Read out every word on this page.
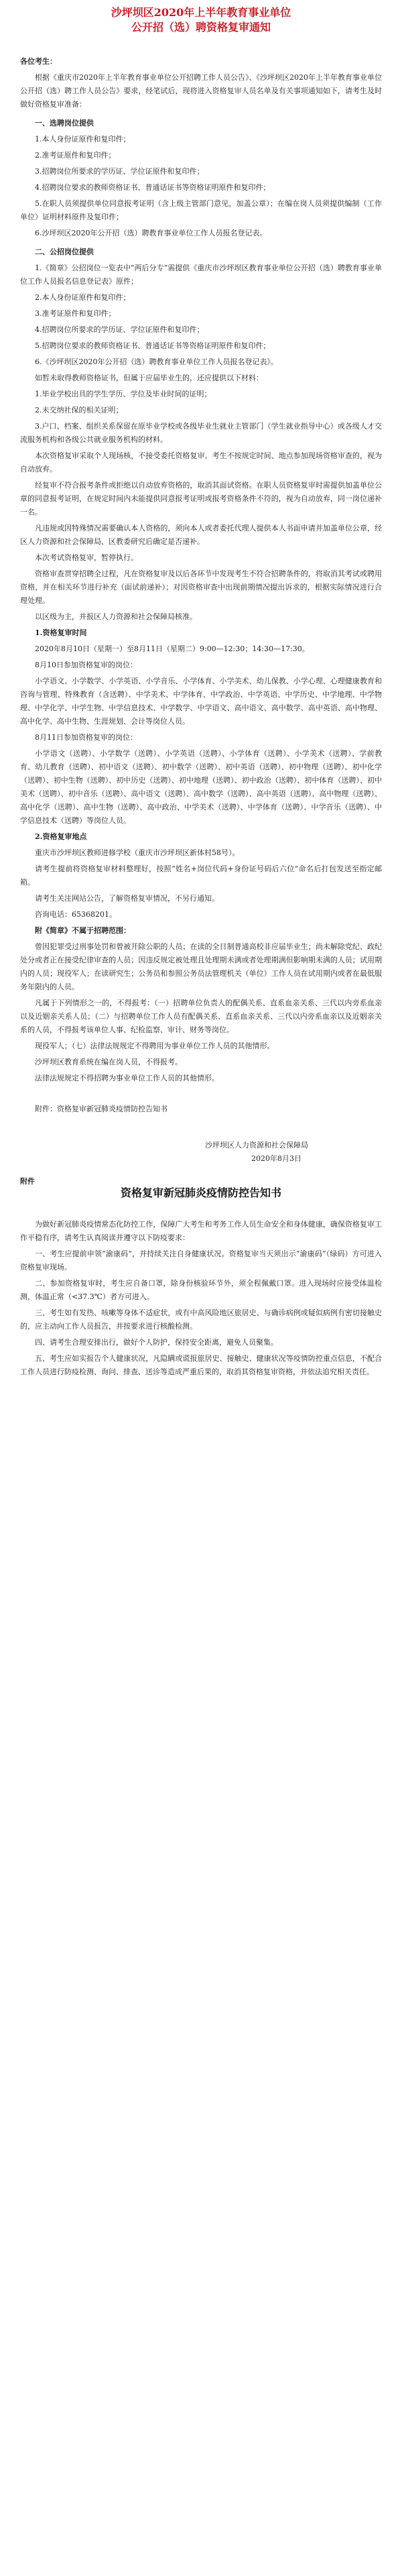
沙坪坝区2020年上半年教育事业单位
公开招（选）聘资格复审通知
各位考生：

根据《重庆市2020年上半年教育事业单位公开招聘工作人员公告》、《沙坪坝区2020年上半年教育事业单位公开招（选）聘工作人员公告》要求，经笔试后，现将进入资格复审人员名单及有关事项通知如下，请考生及时做好资格复审准备：

一、选聘岗位提供

1.本人身份证原件和复印件；

2.准考证原件和复印件；

3.招聘岗位所要求的学历证、学位证原件和复印件；

4.招聘岗位要求的教师资格证书、普通话证书等资格证明原件和复印件；

5.在职人员须提供单位同意报考证明（含上级主管部门意见，加盖公章）；在编在岗人员须提供编制（工作单位）证明材料原件及复印件；

6.沙坪坝区2020年公开招（选）聘教育事业单位工作人员报名登记表。

二、公招岗位提供

1.《简章》公招岗位一览表中“两后分专”需提供《重庆市沙坪坝区教育事业单位公开招（选）聘教育事业单位工作人员报名信息登记表》原件；

2.本人身份证原件和复印件；

3.准考证原件和复印件；

4.招聘岗位所要求的学历证、学位证原件和复印件；

5.招聘岗位要求的教师资格证书、普通话证书等资格证明原件和复印件；

6.《沙坪坝区2020年公开招（选）聘教育事业单位工作人员报名登记表》。

如暂未取得教师资格证书，但属于应届毕业生的，还应提供以下材料：

1.毕业学校出具的学生学历、学位及毕业时间的证明；

2.未交纳社保的相关证明；

3.户口、档案、组织关系保留在原毕业学校或各级毕业生就业主管部门（学生就业指导中心）或各级人才交流服务机构和各级公共就业服务机构的材料。

本次资格复审采取个人现场核，不接受委托资格复审。考生不按规定时间、地点参加现场资格审查的，视为自动放弃。

经复审不符合报考条件或拒绝以自动放弃资格的，取消其面试资格。在职人员资格复审时需提供加盖单位公章的同意报考证明，在规定时间内未能提供同意报考证明或报考资格条件不符的，视为自动放弃，同一岗位递补一名。

凡违规或因特殊情况需要确认本人资格的，须向本人或者委托代理人提供本人书面申请并加盖单位公章，经区人力资源和社会保障局、区教委研究后确定是否递补。

本次考试资格复审，暂停执行。

资格审查贯穿招聘全过程，凡在资格复审及以后各环节中发现考生不符合招聘条件的，将取消其考试或聘用资格，并在相关环节进行补充（面试前递补）；对因资格审查中出现前期情况提出诉求的，根据实际情况进行合理处理。

以区级为主，并报区人力资源和社会保障局核准。

1.资格复审时间

2020年8月10日（星期一）至8月11日（星期二）9:00—12:30；14:30—17:30。

8月10日参加资格复审的岗位：

小学语文、小学数学、小学英语、小学音乐、小学体育、小学美术、幼儿保教、小学心理、心理健康教育和咨询与管理、特殊教育（含送聘）、中学美术、中学体育、中学政治、中学英语、中学历史、中学地理、中学物理、中学化学、中学生物、中学信息技术、中学数学、中学语文、高中语文、高中数学、高中英语、高中物理、高中化学、高中生物、生涯规划、会计等岗位人员。

8月11日参加资格复审的岗位：

小学语文（送聘）、小学数学（送聘）、小学英语（送聘）、小学体育（送聘）、小学美术（送聘）、学前教育、幼儿教育（送聘）、初中语文（送聘）、初中数学（送聘）、初中英语（送聘）、初中物理（送聘）、初中化学（送聘）、初中生物（送聘）、初中历史（送聘）、初中地理（送聘）、初中政治（送聘）、初中体育（送聘）、初中美术（送聘）、初中音乐（送聘）、高中语文（送聘）、高中数学（送聘）、高中英语（送聘）、高中物理（送聘）、高中化学（送聘）、高中生物（送聘）、高中政治、中学美术（送聘）、中学体育（送聘）、中学音乐（送聘）、中学信息技术（送聘）等岗位人员。

2.资格复审地点

重庆市沙坪坝区教师进修学校（重庆市沙坪坝区新体村58号）。

请考生提前将资格复审材料整理好，按照“姓名+岗位代码+身份证号码后六位”命名后打包发送至指定邮箱。

请考生关注网站公告，了解资格复审情况，不另行通知。

咨询电话：65368201。

附《简章》不属于招聘范围：

曾因犯罪受过刑事处罚和曾被开除公职的人员；在读的全日制普通高校非应届毕业生；尚未解除党纪、政纪处分或者正在接受纪律审查的人员；因违反规定被处理且处理期未满或者处理期满但影响期未满的人员；试用期内的人员；现役军人；在读研究生；公务员和参照公务员法管理机关（单位）工作人员在试用期内或者在最低服务年限内的人员。

凡属于下列情形之一的，不得报考：（一）招聘单位负责人的配偶关系、直系血亲关系、三代以内旁系血亲以及近姻亲关系人员；（二）与招聘单位工作人员有配偶关系、直系血亲关系、三代以内旁系血亲以及近姻亲关系的人员，不得报考该单位人事、纪检监察、审计、财务等岗位。

现役军人；（七）法律法规规定不得聘用为事业单位工作人员的其他情形。

沙坪坝区教育系统在编在岗人员，不得报考。

法律法规规定不得招聘为事业单位工作人员的其他情形。

附件：资格复审新冠肺炎疫情防控告知书

沙坪坝区人力资源和社会保障局
2020年8月3日
附件
资格复审新冠肺炎疫情防控告知书

为做好新冠肺炎疫情常态化防控工作，保障广大考生和考务工作人员生命安全和身体健康，确保资格复审工作平稳有序，请考生认真阅读并遵守以下防疫要求：

一、考生应提前申领“渝康码”，并持续关注自身健康状况。资格复审当天须出示“渝康码”（绿码）方可进入资格复审现场。

二、参加资格复审时，考生应自备口罩，除身份核验环节外，须全程佩戴口罩。进入现场时应接受体温检测，体温正常（<37.3℃）者方可进入。

三、考生如有发热、咳嗽等身体不适症状，或有中高风险地区旅居史、与确诊病例或疑似病例有密切接触史的，应主动向工作人员报告，并按要求进行核酸检测。

四、请考生合理安排出行，做好个人防护，保持安全距离，避免人员聚集。

五、考生应如实报告个人健康状况，凡隐瞒或谎报旅居史、接触史、健康状况等疫情防控重点信息，不配合工作人员进行防疫检测、询问、排查、送诊等造成严重后果的，取消其资格复审资格，并依法追究相关责任。
